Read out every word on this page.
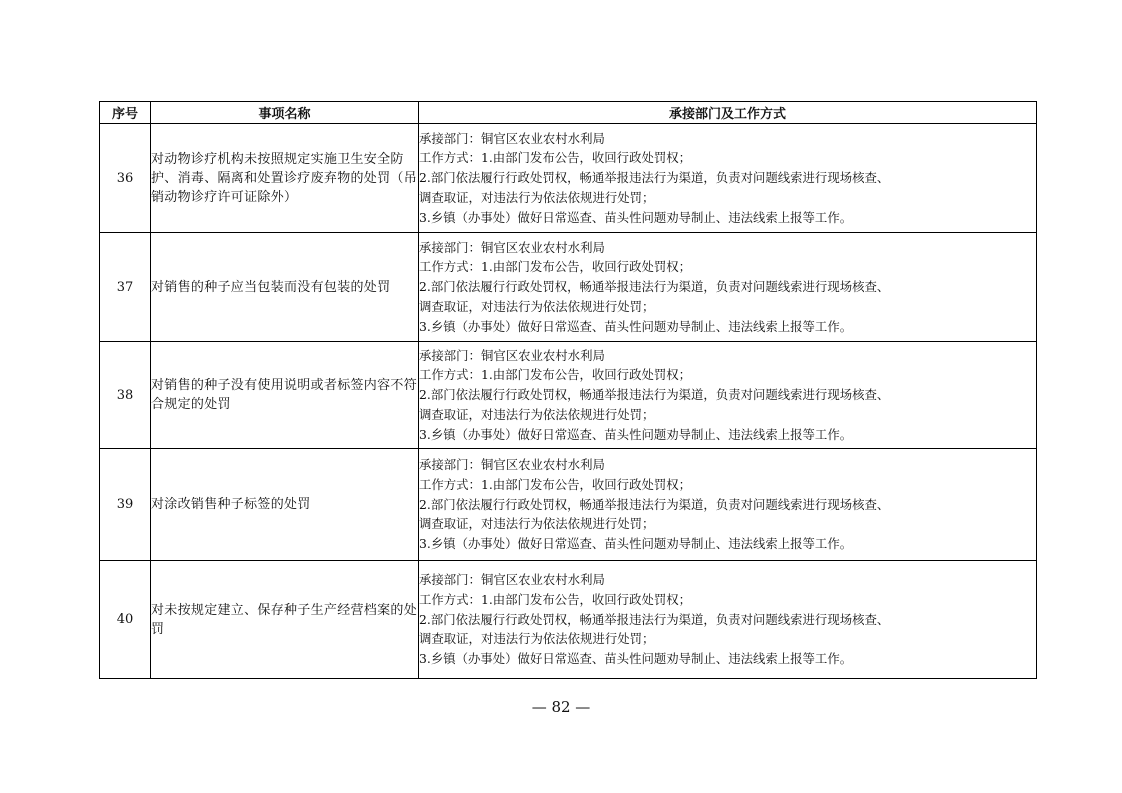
序号	事项名称	承接部门及工作方式
36	对动物诊疗机构未按照规定实施卫生安全防护、消毒、隔离和处置诊疗废弃物的处罚（吊销动物诊疗许可证除外）	承接部门：铜官区农业农村水利局
工作方式：1.由部门发布公告，收回行政处罚权；
2.部门依法履行行政处罚权，畅通举报违法行为渠道，负责对问题线索进行现场核查、
调查取证，对违法行为依法依规进行处罚；
3.乡镇（办事处）做好日常巡查、苗头性问题劝导制止、违法线索上报等工作。

37	对销售的种子应当包装而没有包装的处罚	承接部门：铜官区农业农村水利局
工作方式：1.由部门发布公告，收回行政处罚权；
2.部门依法履行行政处罚权，畅通举报违法行为渠道，负责对问题线索进行现场核查、
调查取证，对违法行为依法依规进行处罚；
3.乡镇（办事处）做好日常巡查、苗头性问题劝导制止、违法线索上报等工作。

38	对销售的种子没有使用说明或者标签内容不符合规定的处罚	承接部门：铜官区农业农村水利局
工作方式：1.由部门发布公告，收回行政处罚权；
2.部门依法履行行政处罚权，畅通举报违法行为渠道，负责对问题线索进行现场核查、
调查取证，对违法行为依法依规进行处罚；
3.乡镇（办事处）做好日常巡查、苗头性问题劝导制止、违法线索上报等工作。

39	对涂改销售种子标签的处罚	承接部门：铜官区农业农村水利局
工作方式：1.由部门发布公告，收回行政处罚权；
2.部门依法履行行政处罚权，畅通举报违法行为渠道，负责对问题线索进行现场核查、
调查取证，对违法行为依法依规进行处罚；
3.乡镇（办事处）做好日常巡查、苗头性问题劝导制止、违法线索上报等工作。

40	对未按规定建立、保存种子生产经营档案的处罚	承接部门：铜官区农业农村水利局
工作方式：1.由部门发布公告，收回行政处罚权；
2.部门依法履行行政处罚权，畅通举报违法行为渠道，负责对问题线索进行现场核查、
调查取证，对违法行为依法依规进行处罚；
3.乡镇（办事处）做好日常巡查、苗头性问题劝导制止、违法线索上报等工作。
— 82 —
